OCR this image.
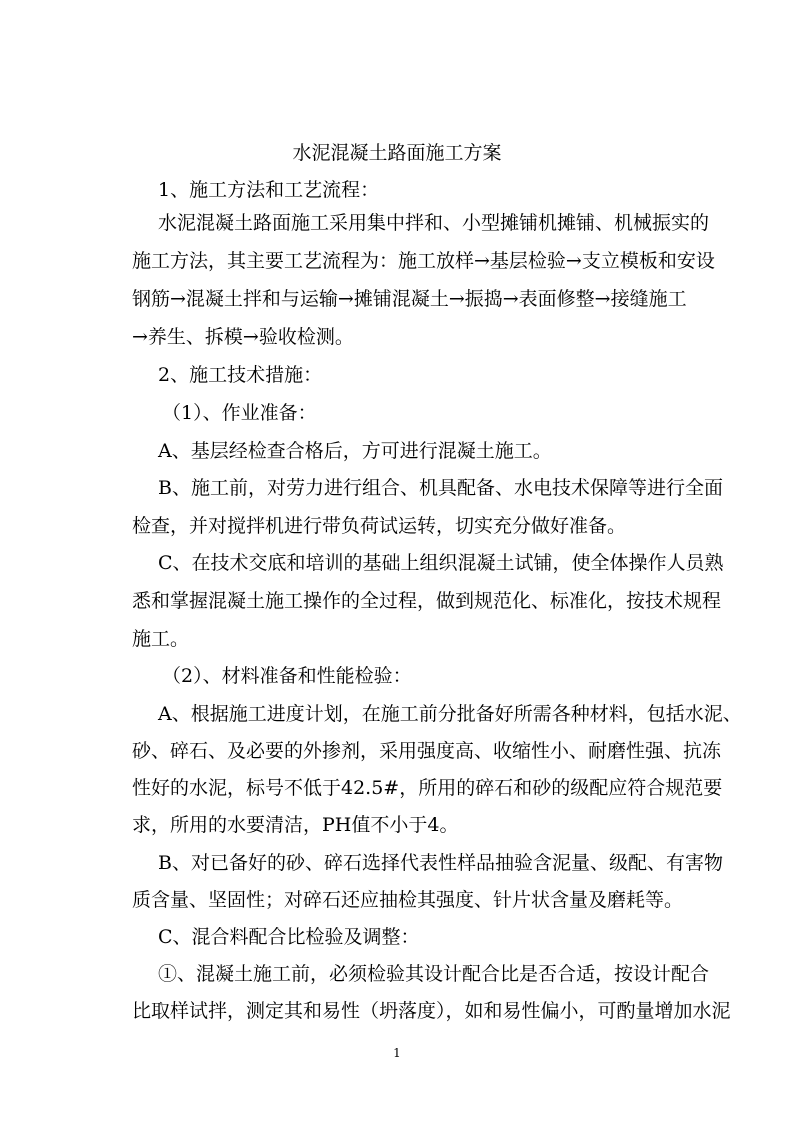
水泥混凝土路面施工方案
1、施工方法和工艺流程：
水泥混凝土路面施工采用集中拌和、小型摊铺机摊铺、机械振实的
施工方法，其主要工艺流程为：施工放样→基层检验→支立模板和安设
钢筋→混凝土拌和与运输→摊铺混凝土→振捣→表面修整→接缝施工
→养生、拆模→验收检测。
2、施工技术措施：
（1）、作业准备：
A、基层经检查合格后，方可进行混凝土施工。
B、施工前，对劳力进行组合、机具配备、水电技术保障等进行全面
检查，并对搅拌机进行带负荷试运转，切实充分做好准备。
C、在技术交底和培训的基础上组织混凝土试铺，使全体操作人员熟
悉和掌握混凝土施工操作的全过程，做到规范化、标准化，按技术规程
施工。
（2）、材料准备和性能检验：
A、根据施工进度计划，在施工前分批备好所需各种材料，包括水泥、
砂、碎石、及必要的外掺剂，采用强度高、收缩性小、耐磨性强、抗冻
性好的水泥，标号不低于42.5#，所用的碎石和砂的级配应符合规范要
求，所用的水要清洁，PH值不小于4。
B、对已备好的砂、碎石选择代表性样品抽验含泥量、级配、有害物
质含量、坚固性；对碎石还应抽检其强度、针片状含量及磨耗等。
C、混合料配合比检验及调整：
①、混凝土施工前，必须检验其设计配合比是否合适，按设计配合
比取样试拌，测定其和易性（坍落度），如和易性偏小，可酌量增加水泥
1
